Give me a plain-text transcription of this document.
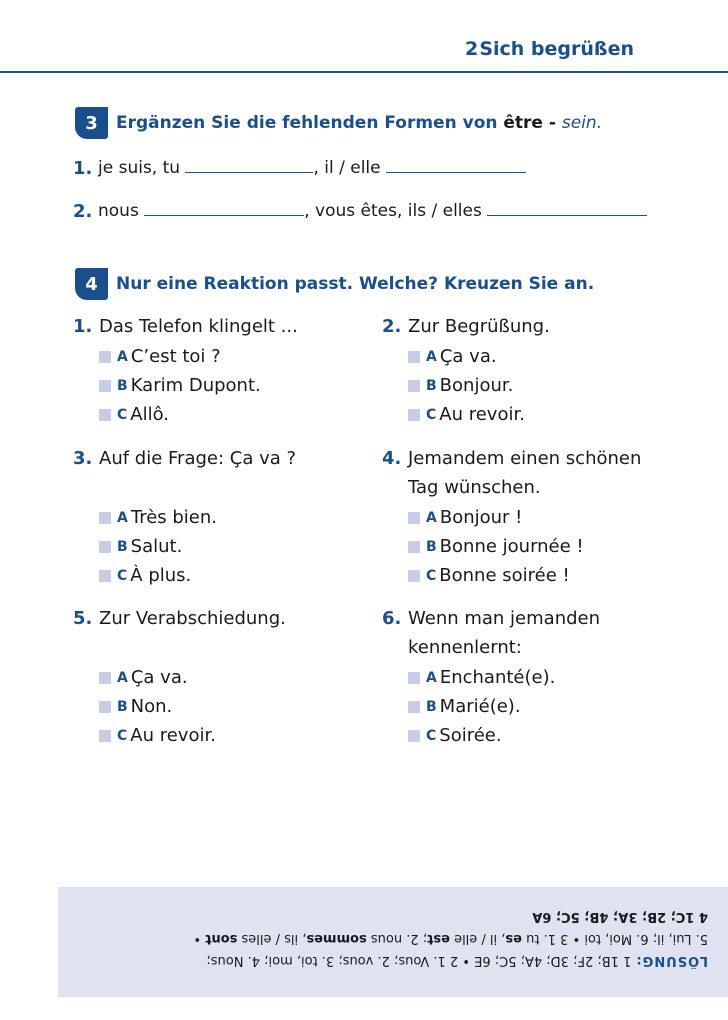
2 Sich begrüßen
3	Ergänzen Sie die fehlenden Formen von être - sein.
1. je suis, tu	, il / elle
2. nous	, vous êtes, ils / elles
4	Nur eine Reaktion passt. Welche? Kreuzen Sie an.
1. Das Telefon klingelt ...
A C’est toi ?
B Karim Dupont.
C Allô.
2. Zur Begrüßung.
A Ça va.
B Bonjour.
C Au revoir.
3. Auf die Frage: Ça va ?
A Très bien.
B Salut.
C À plus.
4. Jemandem einen schönen
Tag wünschen.
A Bonjour !
B Bonne journée !
C Bonne soirée !
5. Zur Verabschiedung.
A Ça va.
B Non.
C Au revoir.
6. Wenn man jemanden
kennenlernt:
A Enchanté(e).
B Marié(e).
C Soirée.
LÖSUNG: 1 1B; 2F; 3D; 4A; 5C; 6E • 2 1. Vous; 2. vous; 3. toi, moi; 4. Nous;
5. Lui, il; 6. Moi, toi • 3 1. tu es, il / elle est; 2. nous sommes, ils / elles sont •
4 1C; 2B; 3A; 4B; 5C; 6A
